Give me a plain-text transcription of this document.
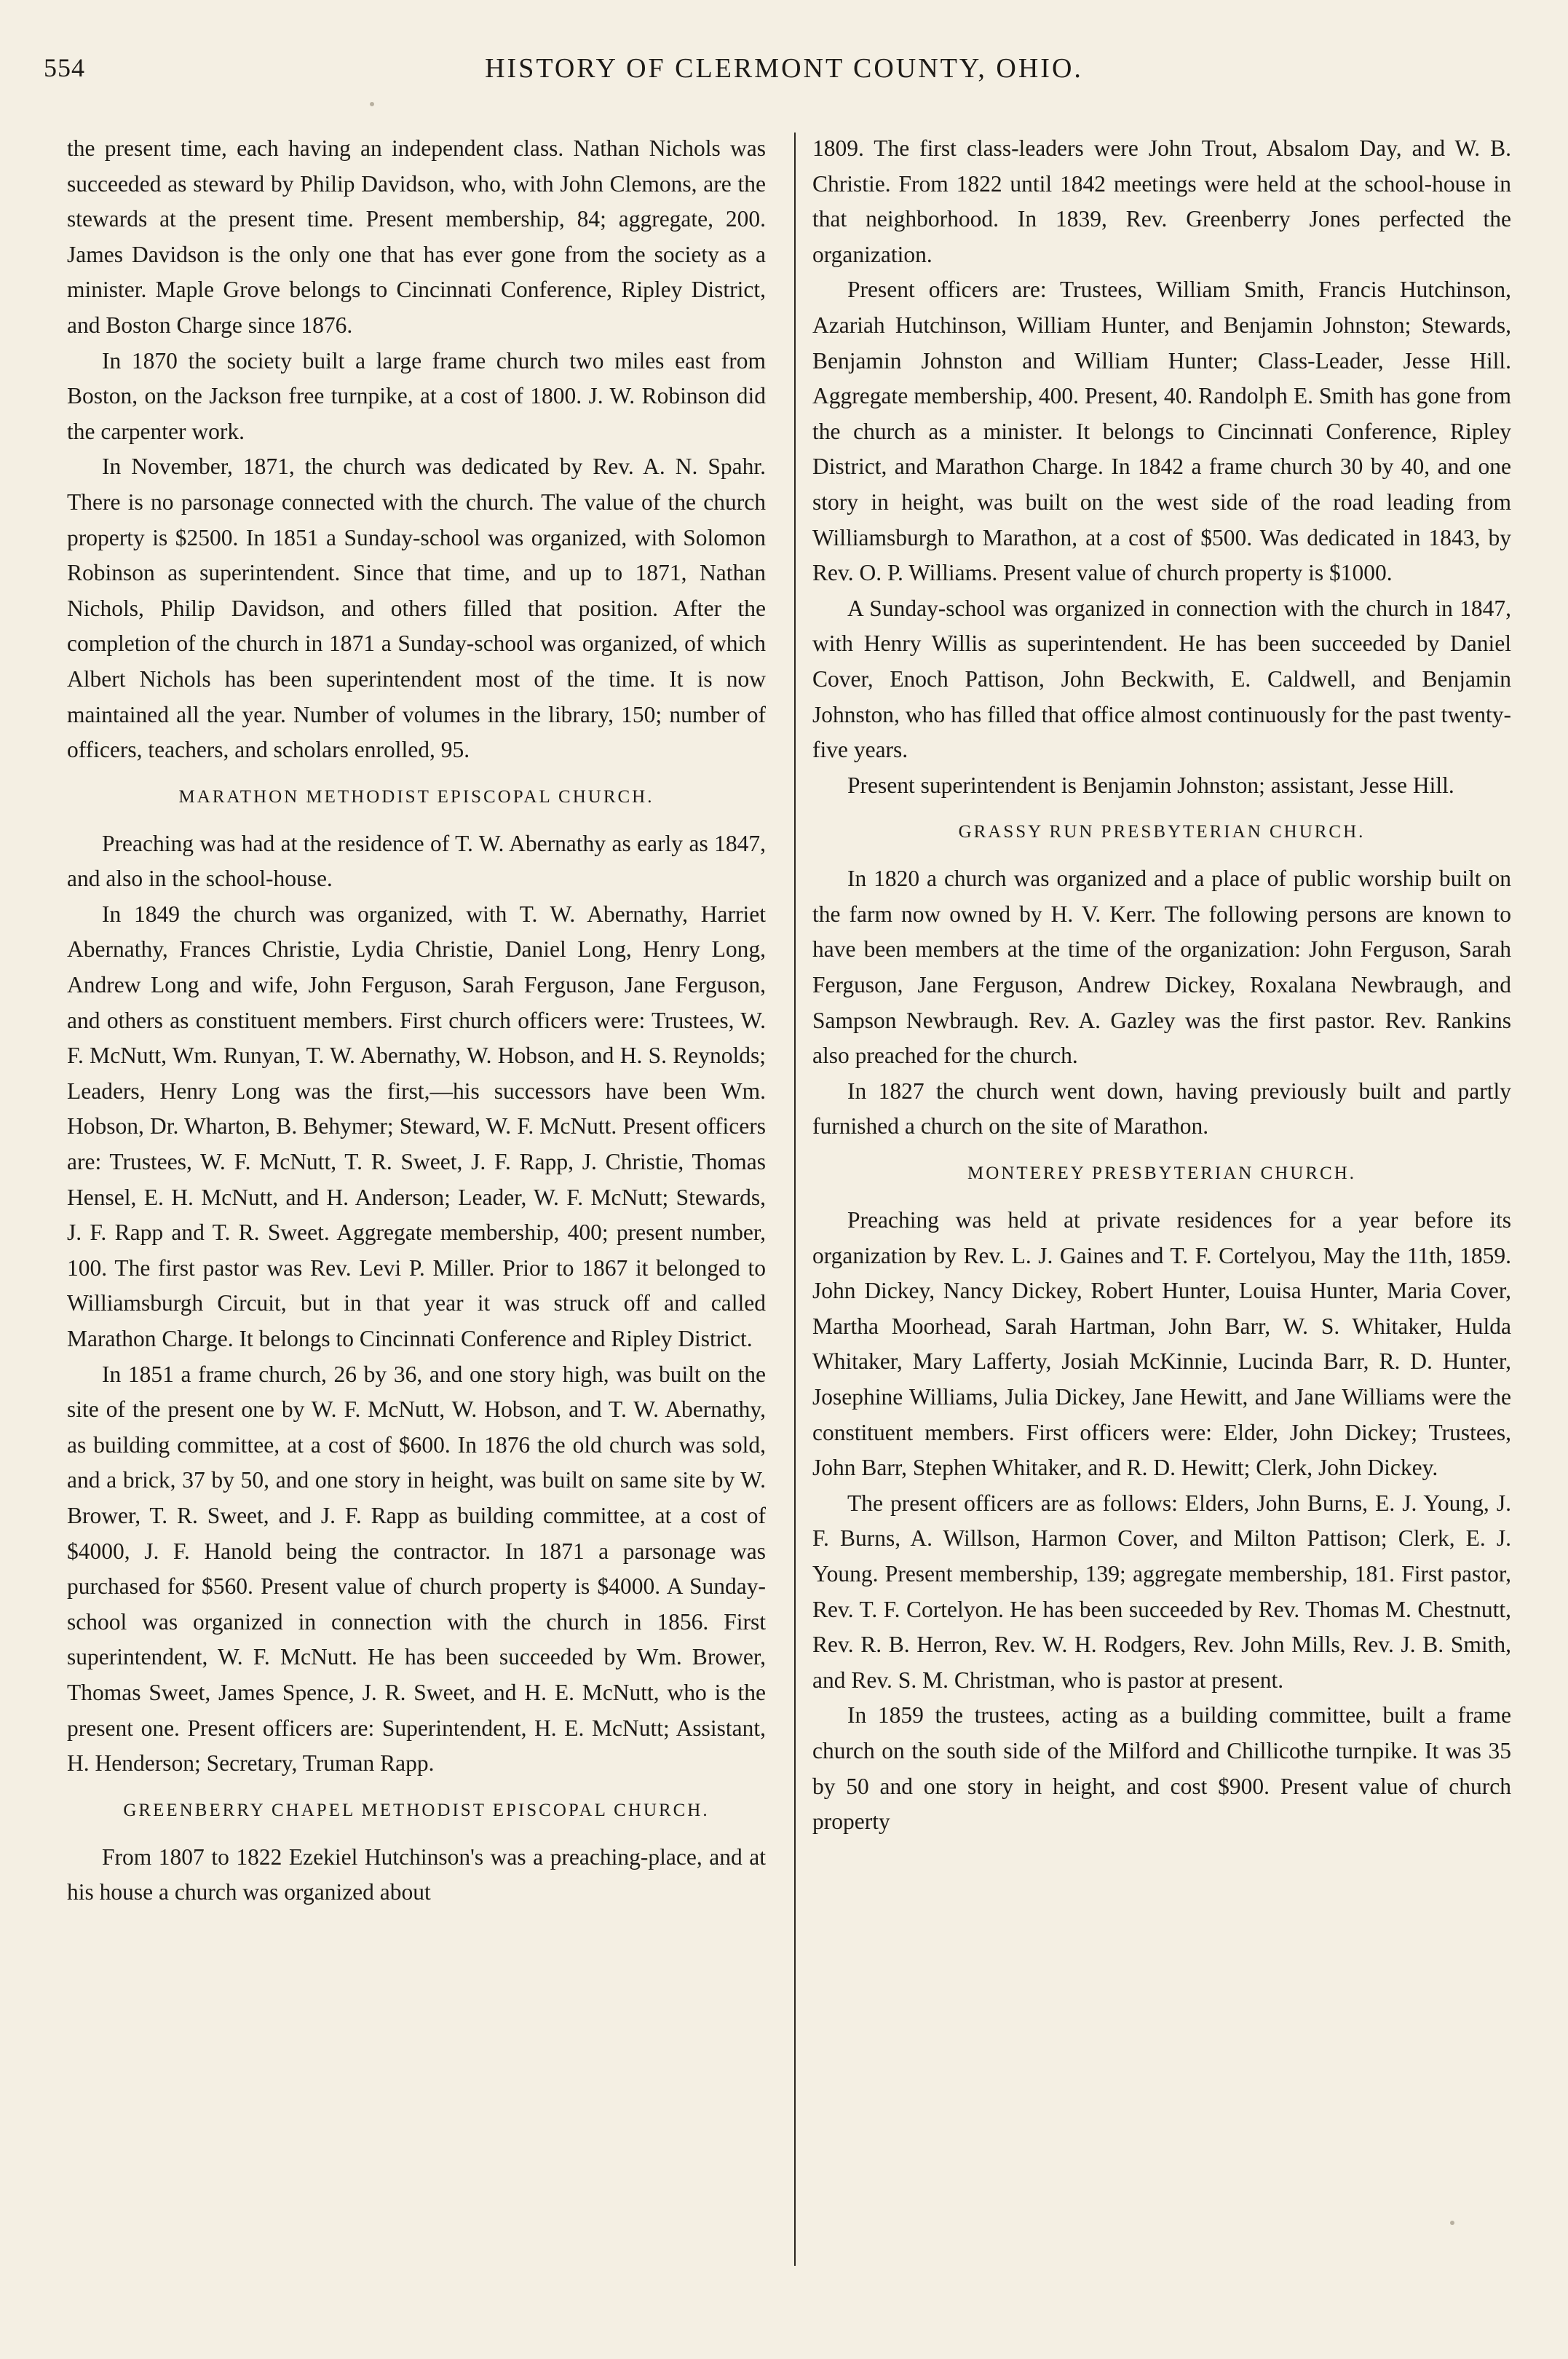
554	HISTORY OF CLERMONT COUNTY, OHIO.

the present time, each having an independent class. Nathan Nichols was succeeded as steward by Philip Davidson, who, with John Clemons, are the stewards at the present time. Present membership, 84; aggregate, 200. James Davidson is the only one that has ever gone from the society as a minister. Maple Grove belongs to Cincinnati Conference, Ripley District, and Boston Charge since 1876.

In 1870 the society built a large frame church two miles east from Boston, on the Jackson free turnpike, at a cost of 1800. J. W. Robinson did the carpenter work.

In November, 1871, the church was dedicated by Rev. A. N. Spahr. There is no parsonage connected with the church. The value of the church property is $2500. In 1851 a Sunday-school was organized, with Solomon Robinson as superintendent. Since that time, and up to 1871, Nathan Nichols, Philip Davidson, and others filled that position. After the completion of the church in 1871 a Sunday-school was organized, of which Albert Nichols has been superintendent most of the time. It is now maintained all the year. Number of volumes in the library, 150; number of officers, teachers, and scholars enrolled, 95.

MARATHON METHODIST EPISCOPAL CHURCH.

Preaching was had at the residence of T. W. Abernathy as early as 1847, and also in the school-house.

In 1849 the church was organized, with T. W. Abernathy, Harriet Abernathy, Frances Christie, Lydia Christie, Daniel Long, Henry Long, Andrew Long and wife, John Ferguson, Sarah Ferguson, Jane Ferguson, and others as constituent members. First church officers were: Trustees, W. F. McNutt, Wm. Runyan, T. W. Abernathy, W. Hobson, and H. S. Reynolds; Leaders, Henry Long was the first,—his successors have been Wm. Hobson, Dr. Wharton, B. Behymer; Steward, W. F. McNutt. Present officers are: Trustees, W. F. McNutt, T. R. Sweet, J. F. Rapp, J. Christie, Thomas Hensel, E. H. McNutt, and H. Anderson; Leader, W. F. McNutt; Stewards, J. F. Rapp and T. R. Sweet. Aggregate membership, 400; present number, 100. The first pastor was Rev. Levi P. Miller. Prior to 1867 it belonged to Williamsburgh Circuit, but in that year it was struck off and called Marathon Charge. It belongs to Cincinnati Conference and Ripley District.

In 1851 a frame church, 26 by 36, and one story high, was built on the site of the present one by W. F. McNutt, W. Hobson, and T. W. Abernathy, as building committee, at a cost of $600. In 1876 the old church was sold, and a brick, 37 by 50, and one story in height, was built on same site by W. Brower, T. R. Sweet, and J. F. Rapp as building committee, at a cost of $4000, J. F. Hanold being the contractor. In 1871 a parsonage was purchased for $560. Present value of church property is $4000. A Sunday-school was organized in connection with the church in 1856. First superintendent, W. F. McNutt. He has been succeeded by Wm. Brower, Thomas Sweet, James Spence, J. R. Sweet, and H. E. McNutt, who is the present one. Present officers are: Superintendent, H. E. McNutt; Assistant, H. Henderson; Secretary, Truman Rapp.

GREENBERRY CHAPEL METHODIST EPISCOPAL CHURCH.

From 1807 to 1822 Ezekiel Hutchinson's was a preaching-place, and at his house a church was organized about

1809. The first class-leaders were John Trout, Absalom Day, and W. B. Christie. From 1822 until 1842 meetings were held at the school-house in that neighborhood. In 1839, Rev. Greenberry Jones perfected the organization.

Present officers are: Trustees, William Smith, Francis Hutchinson, Azariah Hutchinson, William Hunter, and Benjamin Johnston; Stewards, Benjamin Johnston and William Hunter; Class-Leader, Jesse Hill. Aggregate membership, 400. Present, 40. Randolph E. Smith has gone from the church as a minister. It belongs to Cincinnati Conference, Ripley District, and Marathon Charge. In 1842 a frame church 30 by 40, and one story in height, was built on the west side of the road leading from Williamsburgh to Marathon, at a cost of $500. Was dedicated in 1843, by Rev. O. P. Williams. Present value of church property is $1000.

A Sunday-school was organized in connection with the church in 1847, with Henry Willis as superintendent. He has been succeeded by Daniel Cover, Enoch Pattison, John Beckwith, E. Caldwell, and Benjamin Johnston, who has filled that office almost continuously for the past twenty-five years.

Present superintendent is Benjamin Johnston; assistant, Jesse Hill.

GRASSY RUN PRESBYTERIAN CHURCH.

In 1820 a church was organized and a place of public worship built on the farm now owned by H. V. Kerr. The following persons are known to have been members at the time of the organization: John Ferguson, Sarah Ferguson, Jane Ferguson, Andrew Dickey, Roxalana Newbraugh, and Sampson Newbraugh. Rev. A. Gazley was the first pastor. Rev. Rankins also preached for the church.

In 1827 the church went down, having previously built and partly furnished a church on the site of Marathon.

MONTEREY PRESBYTERIAN CHURCH.

Preaching was held at private residences for a year before its organization by Rev. L. J. Gaines and T. F. Cortelyou, May the 11th, 1859. John Dickey, Nancy Dickey, Robert Hunter, Louisa Hunter, Maria Cover, Martha Moorhead, Sarah Hartman, John Barr, W. S. Whitaker, Hulda Whitaker, Mary Lafferty, Josiah McKinnie, Lucinda Barr, R. D. Hunter, Josephine Williams, Julia Dickey, Jane Hewitt, and Jane Williams were the constituent members. First officers were: Elder, John Dickey; Trustees, John Barr, Stephen Whitaker, and R. D. Hewitt; Clerk, John Dickey.

The present officers are as follows: Elders, John Burns, E. J. Young, J. F. Burns, A. Willson, Harmon Cover, and Milton Pattison; Clerk, E. J. Young. Present membership, 139; aggregate membership, 181. First pastor, Rev. T. F. Cortelyon. He has been succeeded by Rev. Thomas M. Chestnutt, Rev. R. B. Herron, Rev. W. H. Rodgers, Rev. John Mills, Rev. J. B. Smith, and Rev. S. M. Christman, who is pastor at present.

In 1859 the trustees, acting as a building committee, built a frame church on the south side of the Milford and Chillicothe turnpike. It was 35 by 50 and one story in height, and cost $900. Present value of church property
